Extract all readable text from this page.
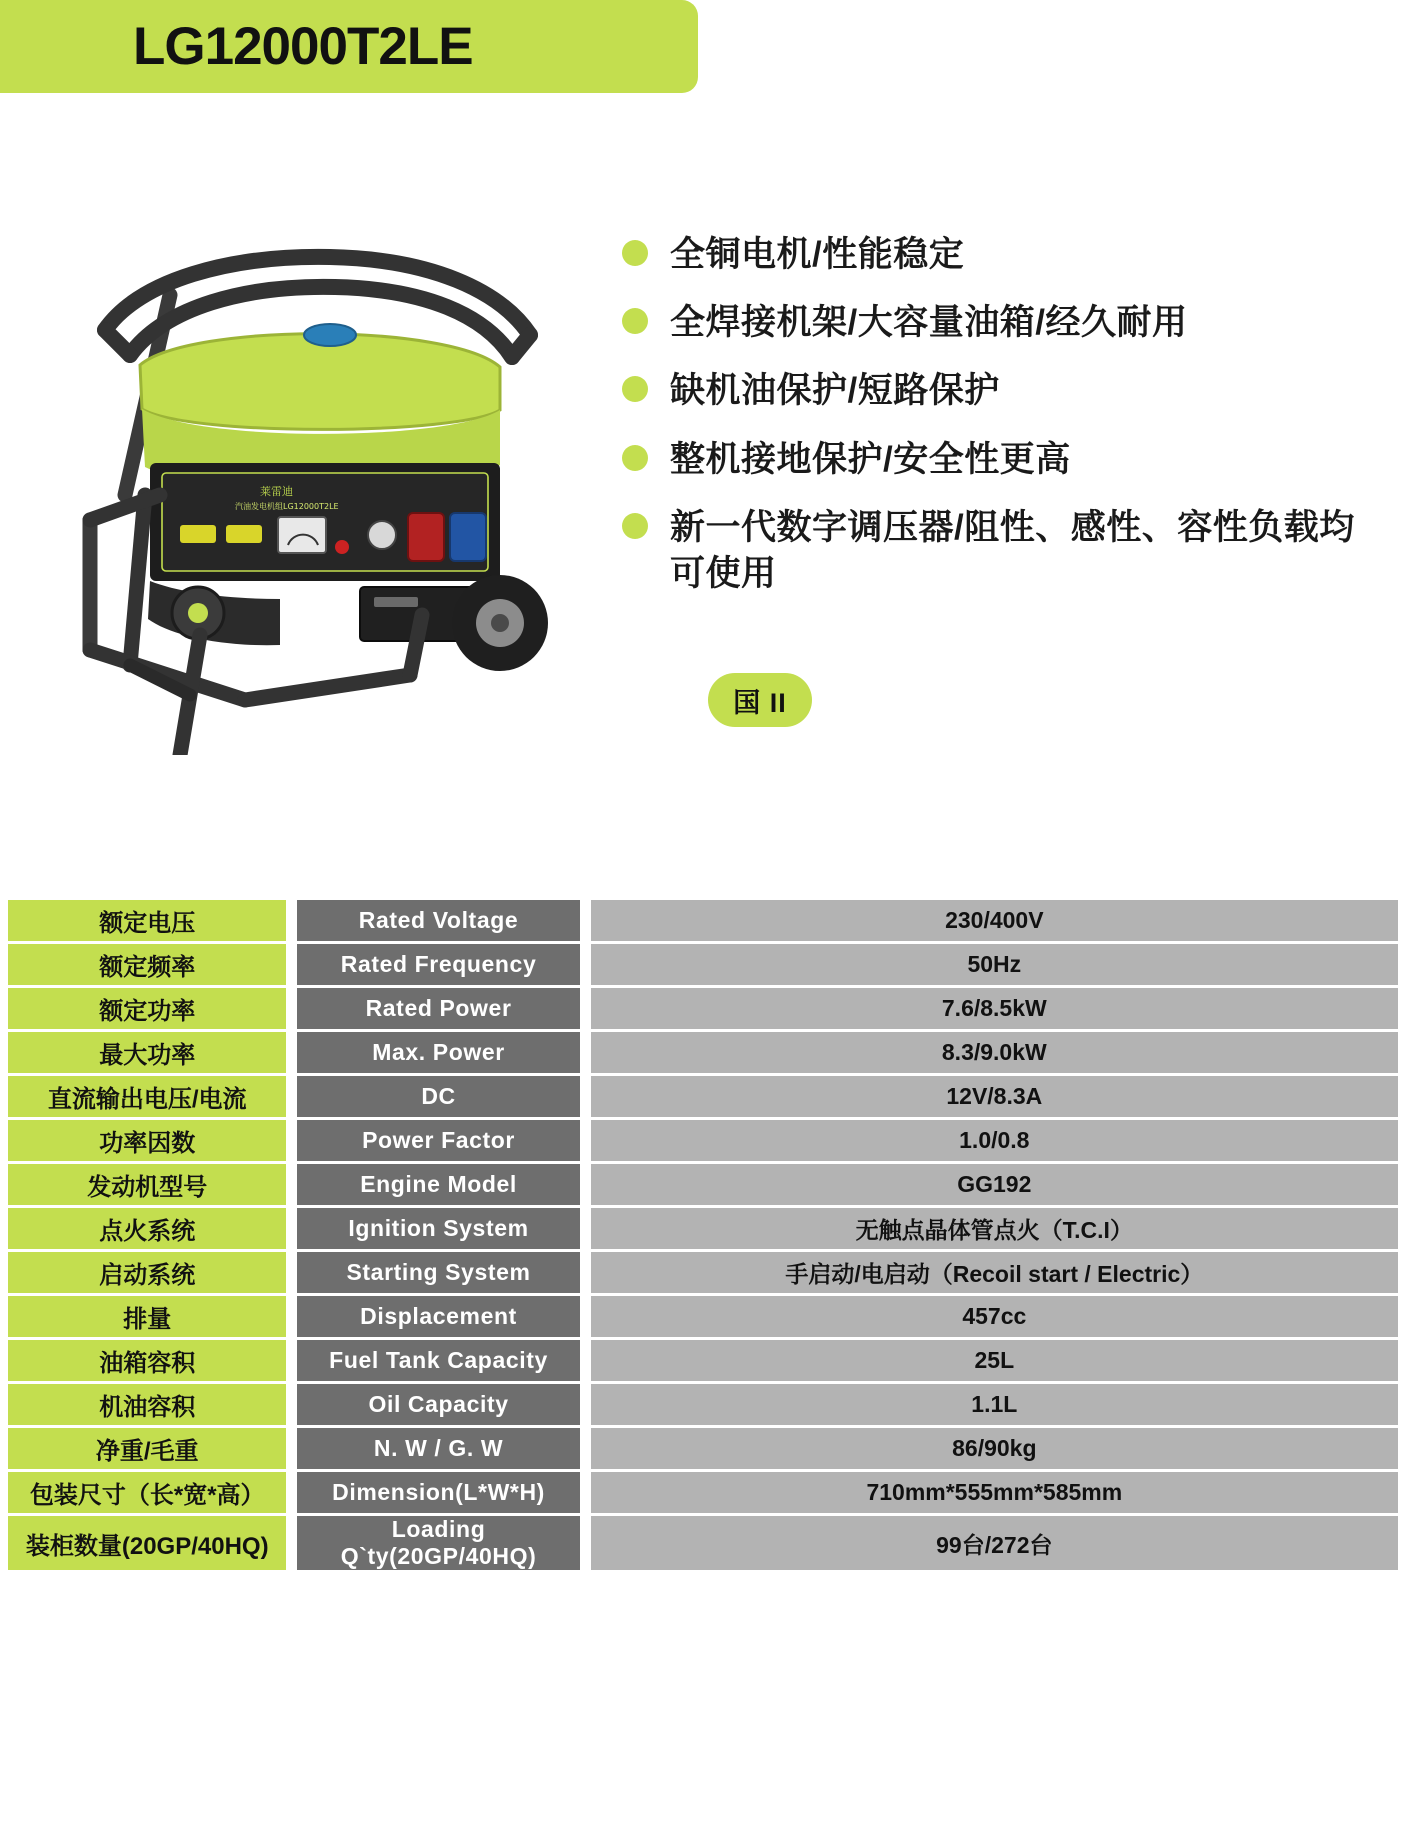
LG12000T2LE
莱雷迪
汽油发电机组LG12000T2LE
全铜电机/性能稳定
全焊接机架/大容量油箱/经久耐用
缺机油保护/短路保护
整机接地保护/安全性更高
新一代数字调压器/阻性、感性、容性负载均可使用
国 II
额定电压		Rated Voltage		230/400V
额定频率		Rated Frequency		50Hz
额定功率		Rated Power		7.6/8.5kW
最大功率		Max. Power		8.3/9.0kW
直流输出电压/电流		DC		12V/8.3A
功率因数		Power Factor		1.0/0.8
发动机型号		Engine Model		GG192
点火系统		Ignition System		无触点晶体管点火（T.C.I）
启动系统		Starting System		手启动/电启动（Recoil start / Electric）
排量		Displacement		457cc
油箱容积		Fuel Tank Capacity		25L
机油容积		Oil Capacity		1.1L
净重/毛重		N. W / G. W		86/90kg
包装尺寸（长*宽*高）		Dimension(L*W*H)		710mm*555mm*585mm
装柜数量(20GP/40HQ)		Loading Q`ty(20GP/40HQ)		99台/272台
